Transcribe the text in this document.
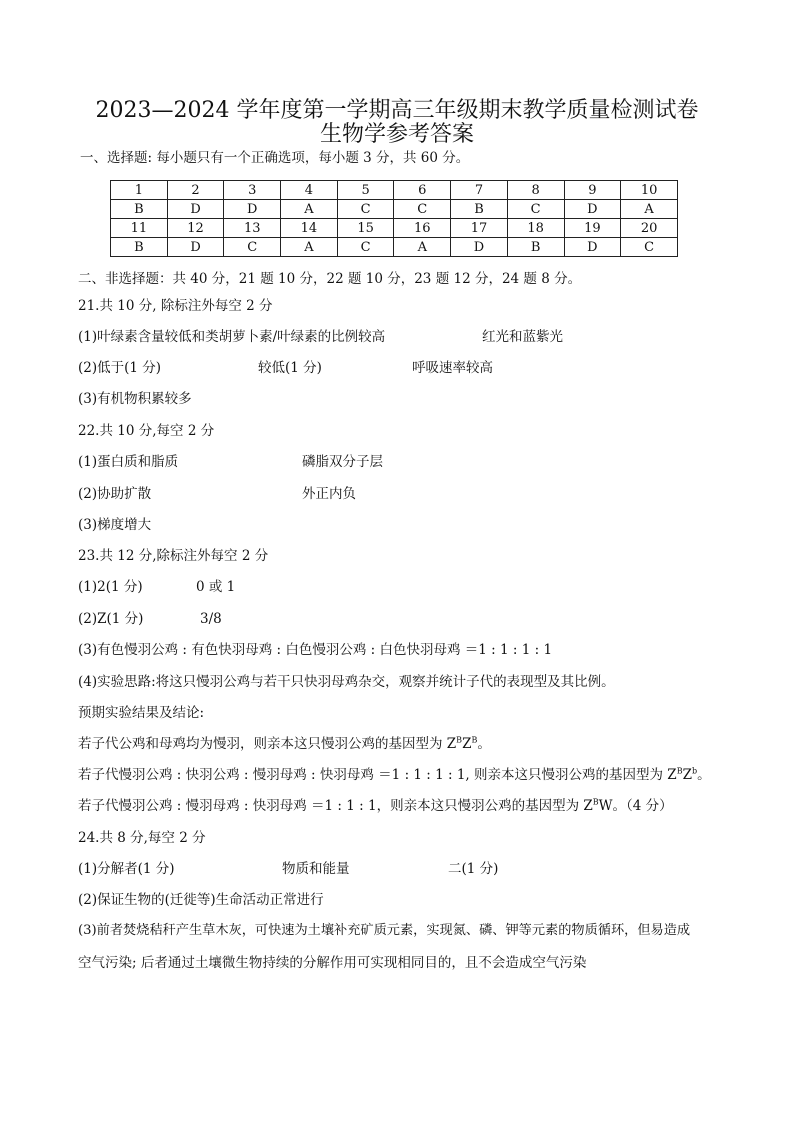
2023—2024 学年度第一学期高三年级期末教学质量检测试卷
生物学参考答案
一、选择题: 每小题只有一个正确选项，每小题 3 分，共 60 分。
1	2	3	4	5	6	7	8	9	10
B	D	D	A	C	C	B	C	D	A
11	12	13	14	15	16	17	18	19	20
B	D	C	A	C	A	D	B	D	C
二、非选择题：共 40 分，21 题 10 分，22 题 10 分，23 题 12 分，24 题 8 分。
21.共 10 分, 除标注外每空 2 分
(1)叶绿素含量较低和类胡萝卜素/叶绿素的比例较高	红光和蓝紫光
(2)低于(1 分)	较低(1 分)	呼吸速率较高
(3)有机物积累较多
22.共 10 分,每空 2 分
(1)蛋白质和脂质	磷脂双分子层
(2)协助扩散	外正内负
(3)梯度增大
23.共 12 分,除标注外每空 2 分
(1)2(1 分)	0 或 1
(2)Z(1 分)	3/8
(3)有色慢羽公鸡 : 有色快羽母鸡 : 白色慢羽公鸡 : 白色快羽母鸡 ＝1 : 1 : 1 : 1
(4)实验思路:将这只慢羽公鸡与若干只快羽母鸡杂交，观察并统计子代的表现型及其比例。
预期实验结果及结论:
若子代公鸡和母鸡均为慢羽，则亲本这只慢羽公鸡的基因型为 $Z^BZ^B$。
若子代慢羽公鸡 : 快羽公鸡 : 慢羽母鸡 : 快羽母鸡 ＝1 : 1 : 1 : 1, 则亲本这只慢羽公鸡的基因型为 $Z^BZ^b$。
若子代慢羽公鸡 : 慢羽母鸡 : 快羽母鸡 ＝1 : 1 : 1，则亲本这只慢羽公鸡的基因型为 $Z^BW$。（4 分）
24.共 8 分,每空 2 分
(1)分解者(1 分)	物质和能量	二(1 分)
(2)保证生物的(迁徙等)生命活动正常进行
(3)前者焚烧秸秆产生草木灰，可快速为土壤补充矿质元素，实现氮、磷、钾等元素的物质循环，但易造成
空气污染; 后者通过土壤微生物持续的分解作用可实现相同目的，且不会造成空气污染
